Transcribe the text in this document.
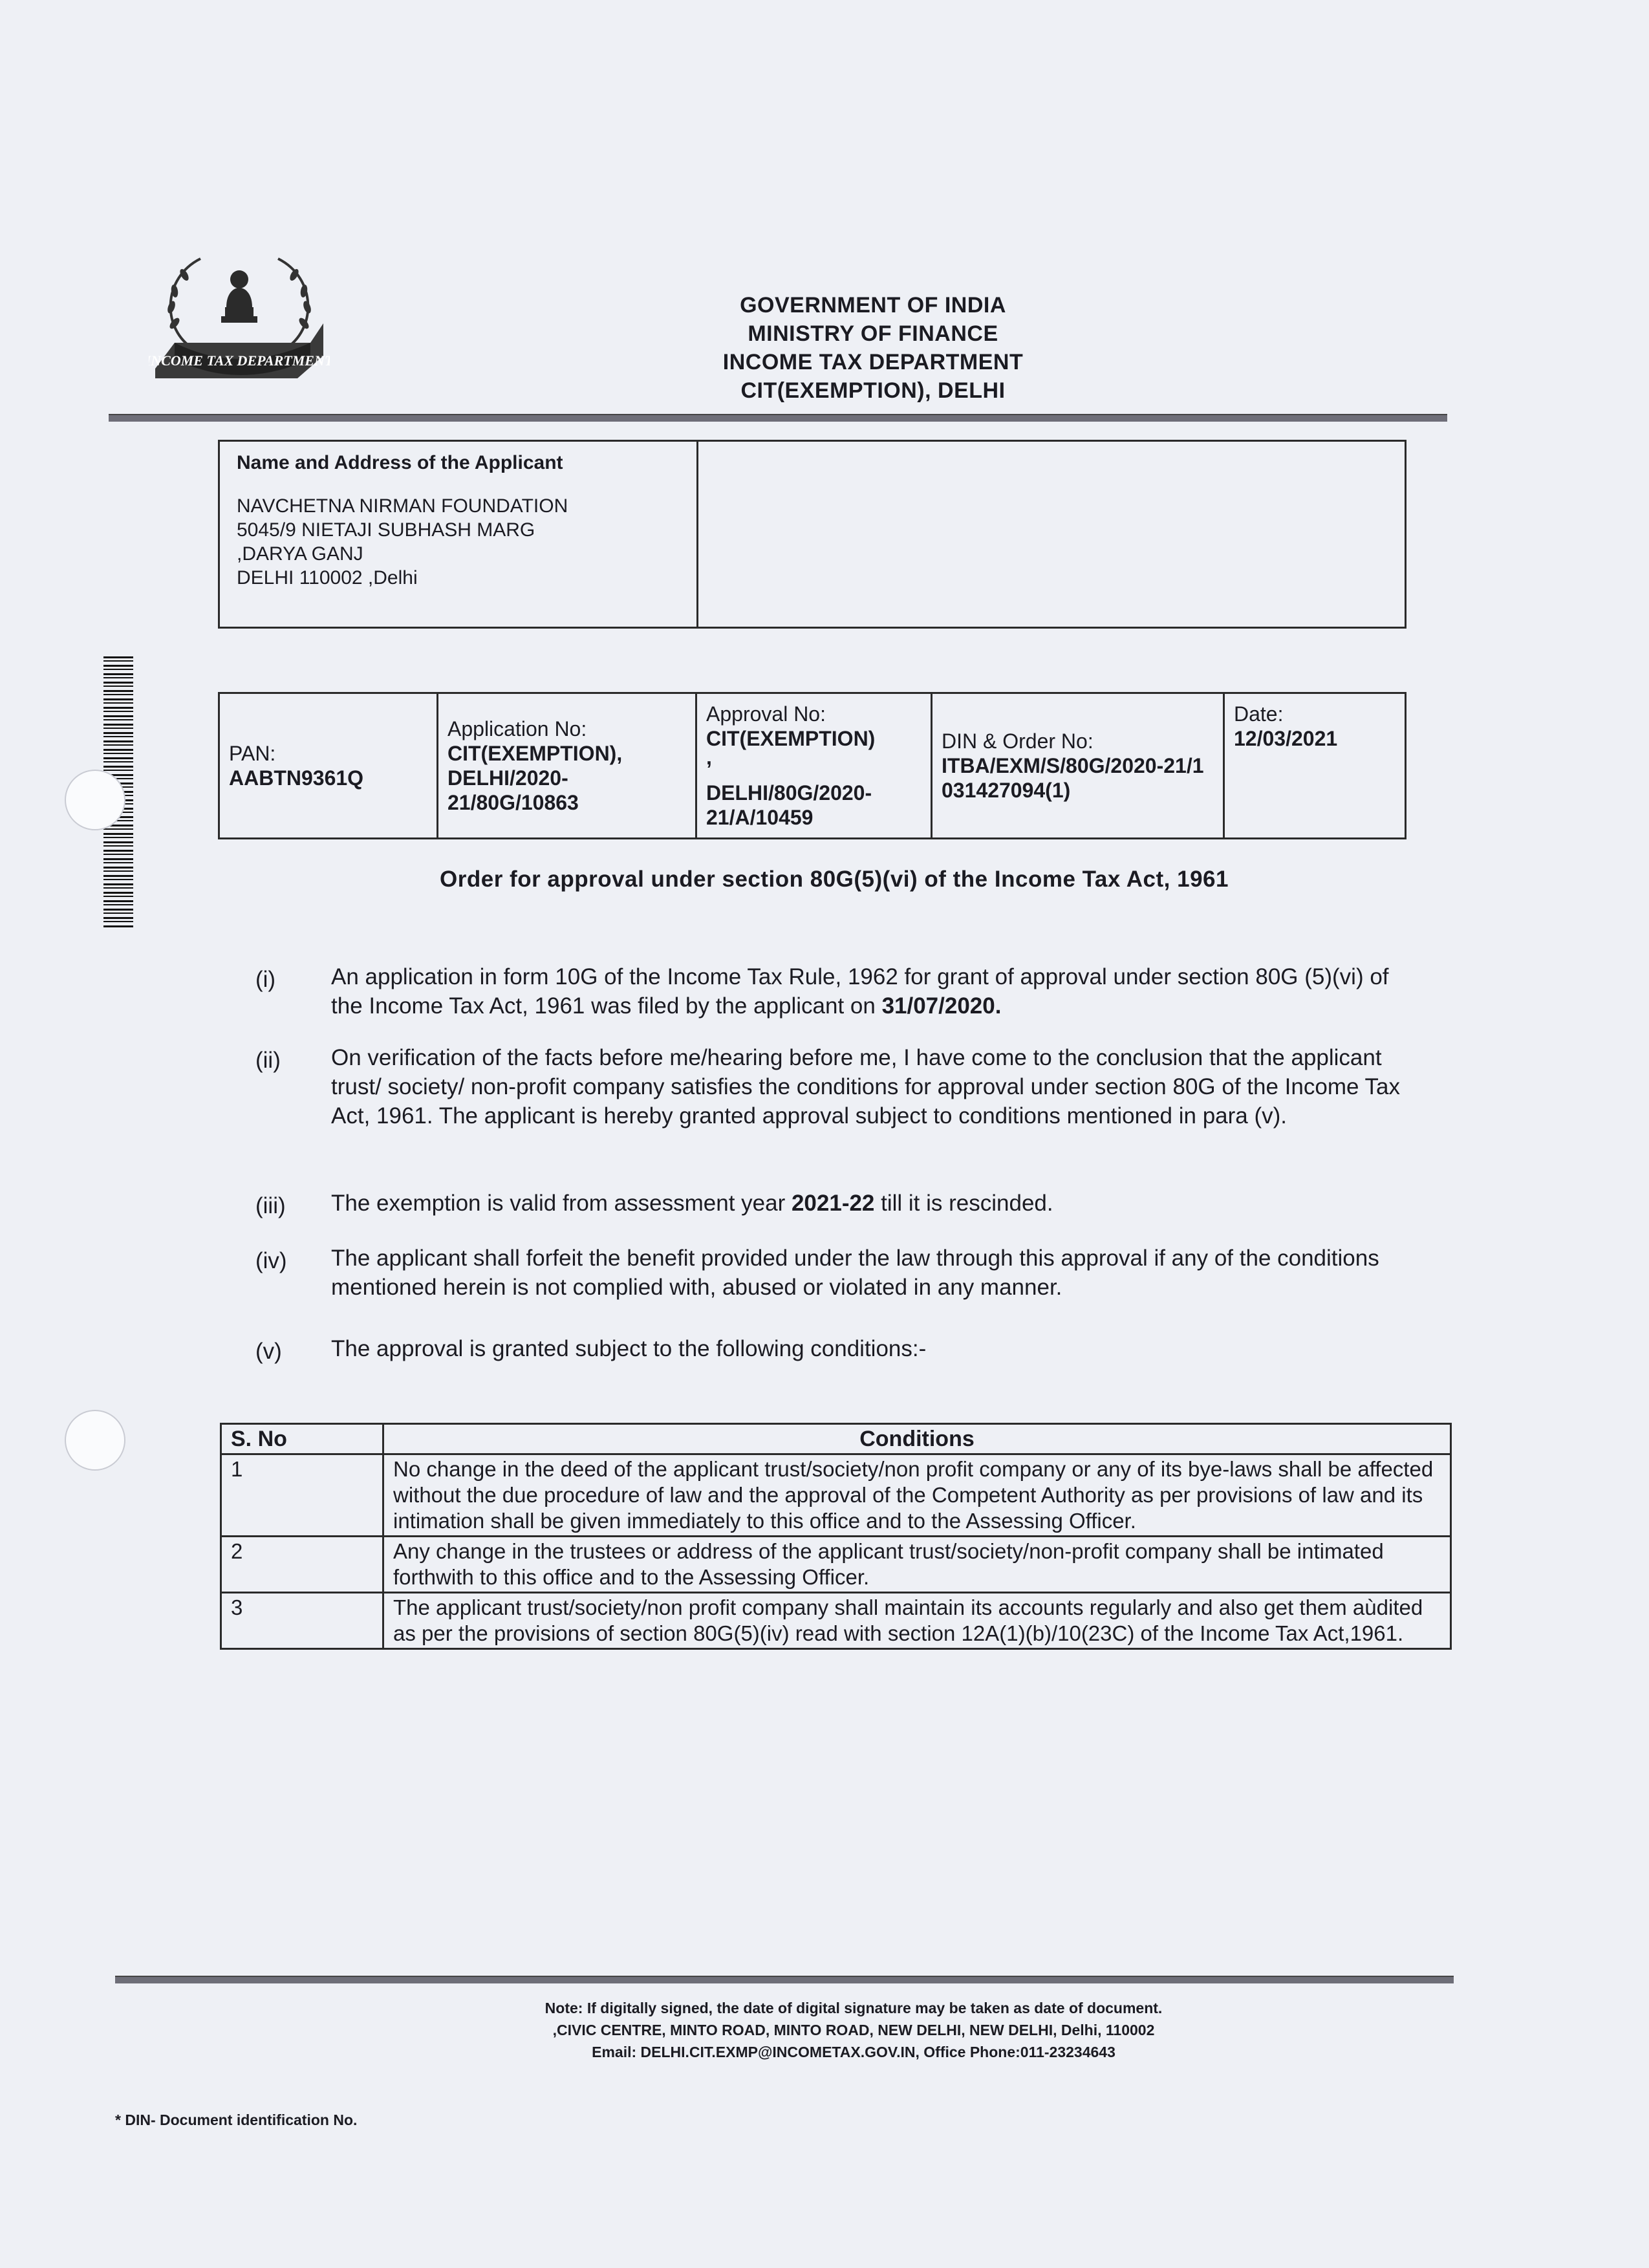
INCOME TAX DEPARTMENT
GOVERNMENT OF INDIA
MINISTRY OF FINANCE
INCOME TAX DEPARTMENT
CIT(EXEMPTION), DELHI
Name and Address of the Applicant
NAVCHETNA NIRMAN FOUNDATION
5045/9 NIETAJI SUBHASH MARG
,DARYA GANJ
DELHI 110002 ,Delhi
PAN:
AABTN9361Q
Application No:
CIT(EXEMPTION), DELHI/2020-21/80G/10863
Approval No:
CIT(EXEMPTION)
,
DELHI/80G/2020-21/A/10459
DIN & Order No:
ITBA/EXM/S/80G/2020-21/1031427094(1)
Date:
12/03/2021
Order for approval under section 80G(5)(vi) of the Income Tax Act, 1961
(i) An application in form 10G of the Income Tax Rule, 1962 for grant of approval under section 80G (5)(vi) of the Income Tax Act, 1961 was filed by the applicant on 31/07/2020.
(ii) On verification of the facts before me/hearing before me, I have come to the conclusion that the applicant trust/ society/ non-profit company satisfies the conditions for approval under section 80G of the Income Tax Act, 1961. The applicant is hereby granted approval subject to conditions mentioned in para (v).
(iii) The exemption is valid from assessment year 2021-22 till it is rescinded.
(iv) The applicant shall forfeit the benefit provided under the law through this approval if any of the conditions mentioned herein is not complied with, abused or violated in any manner.
(v) The approval is granted subject to the following conditions:-
S. No	Conditions
1	No change in the deed of the applicant trust/society/non profit company or any of its bye-laws shall be affected without the due procedure of law and the approval of the Competent Authority as per provisions of law and its intimation shall be given immediately to this office and to the Assessing Officer.
2	Any change in the trustees or address of the applicant trust/society/non-profit company shall be intimated forthwith to this office and to the Assessing Officer.
3	The applicant trust/society/non profit company shall maintain its accounts regularly and also get them aùdited as per the provisions of section 80G(5)(iv) read with section 12A(1)(b)/10(23C) of the Income Tax Act,1961.
Note: If digitally signed, the date of digital signature may be taken as date of document.
,CIVIC CENTRE, MINTO ROAD, MINTO ROAD, NEW DELHI, NEW DELHI, Delhi, 110002
Email: DELHI.CIT.EXMP@INCOMETAX.GOV.IN, Office Phone:011-23234643
* DIN- Document identification No.
